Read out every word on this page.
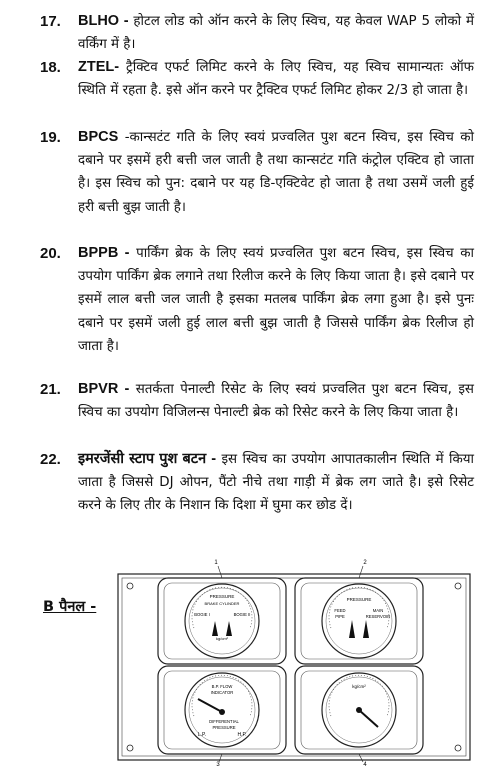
17. BLHO - होटल लोड को ऑन करने के लिए स्विच, यह केवल WAP 5 लोको में वर्किंग में है।
18. ZTEL- ट्रैक्टिव एफर्ट लिमिट करने के लिए स्विच, यह स्विच सामान्यतः ऑफ स्थिति में रहता है. इसे ऑन करने पर ट्रैक्टिव एफर्ट लिमिट होकर 2/3 हो जाता है।
19. BPCS -कान्सटंट गति के लिए स्वयं प्रज्वलित पुश बटन स्विच, इस स्विच को दबाने पर इसमें हरी बत्ती जल जाती है तथा कान्सटंट गति कंट्रोल एक्टिव हो जाता है। इस स्विच को पुन: दबाने पर यह डि-एक्टिवेट हो जाता है तथा उसमें जली हुई हरी बत्ती बुझ जाती है।
20. BPPB - पार्किंग ब्रेक के लिए स्वयं प्रज्वलित पुश बटन स्विच, इस स्विच का उपयोग पार्किंग ब्रेक लगाने तथा रिलीज करने के लिए किया जाता है। इसे दबाने पर इसमें लाल बत्ती जल जाती है इसका मतलब पार्किंग ब्रेक लगा हुआ है। इसे पुनः दबाने पर इसमें जली हुई लाल बत्ती बुझ जाती है जिससे पार्किंग ब्रेक रिलीज हो जाता है।
21. BPVR - सतर्कता पेनाल्टी रिसेट के लिए स्वयं प्रज्वलित पुश बटन स्विच, इस स्विच का उपयोग विजिलन्स पेनाल्टी ब्रेक को रिसेट करने के लिए किया जाता है।
22. इमरजेंसी स्टाप पुश बटन - इस स्विच का उपयोग आपातकालीन स्थिति में किया जाता है जिससे DJ ओपन, पैंटो नीचे तथा गाड़ी में ब्रेक लग जाते है। इसे रिसेट करने के लिए तीर के निशान कि दिशा में घुमा कर छोड दें।
B पैनल -
PRESSURE
BRAKE CYLINDER
BOGIE I	BOGIE II
kg/cm²
1
PRESSURE
FEED
PIPE
MAIN
RESERVOIR
2
B.P. FLOW
INDICATOR
DIFFERENTIAL
PRESSURE
L.P.	H.P.
3
kg/cm²
4
